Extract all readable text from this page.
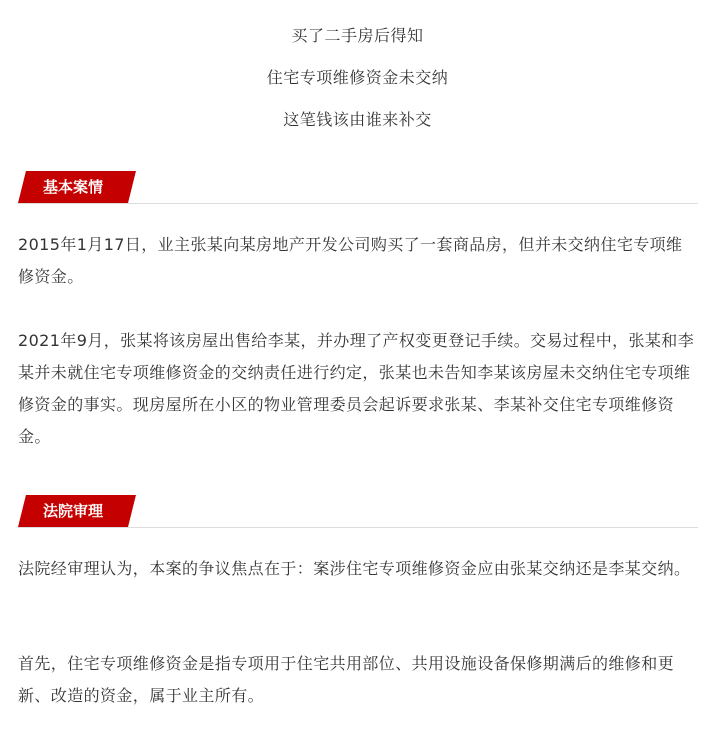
买了二手房后得知
住宅专项维修资金未交纳
这笔钱该由谁来补交
基本案情

2015年1月17日，业主张某向某房地产开发公司购买了一套商品房，但并未交纳住宅专项维修资金。

2021年9月，张某将该房屋出售给李某，并办理了产权变更登记手续。交易过程中，张某和李某并未就住宅专项维修资金的交纳责任进行约定，张某也未告知李某该房屋未交纳住宅专项维修资金的事实。现房屋所在小区的物业管理委员会起诉要求张某、李某补交住宅专项维修资金。

法院审理

法院经审理认为，本案的争议焦点在于：案涉住宅专项维修资金应由张某交纳还是李某交纳。

首先，住宅专项维修资金是指专项用于住宅共用部位、共用设施设备保修期满后的维修和更新、改造的资金，属于业主所有。
